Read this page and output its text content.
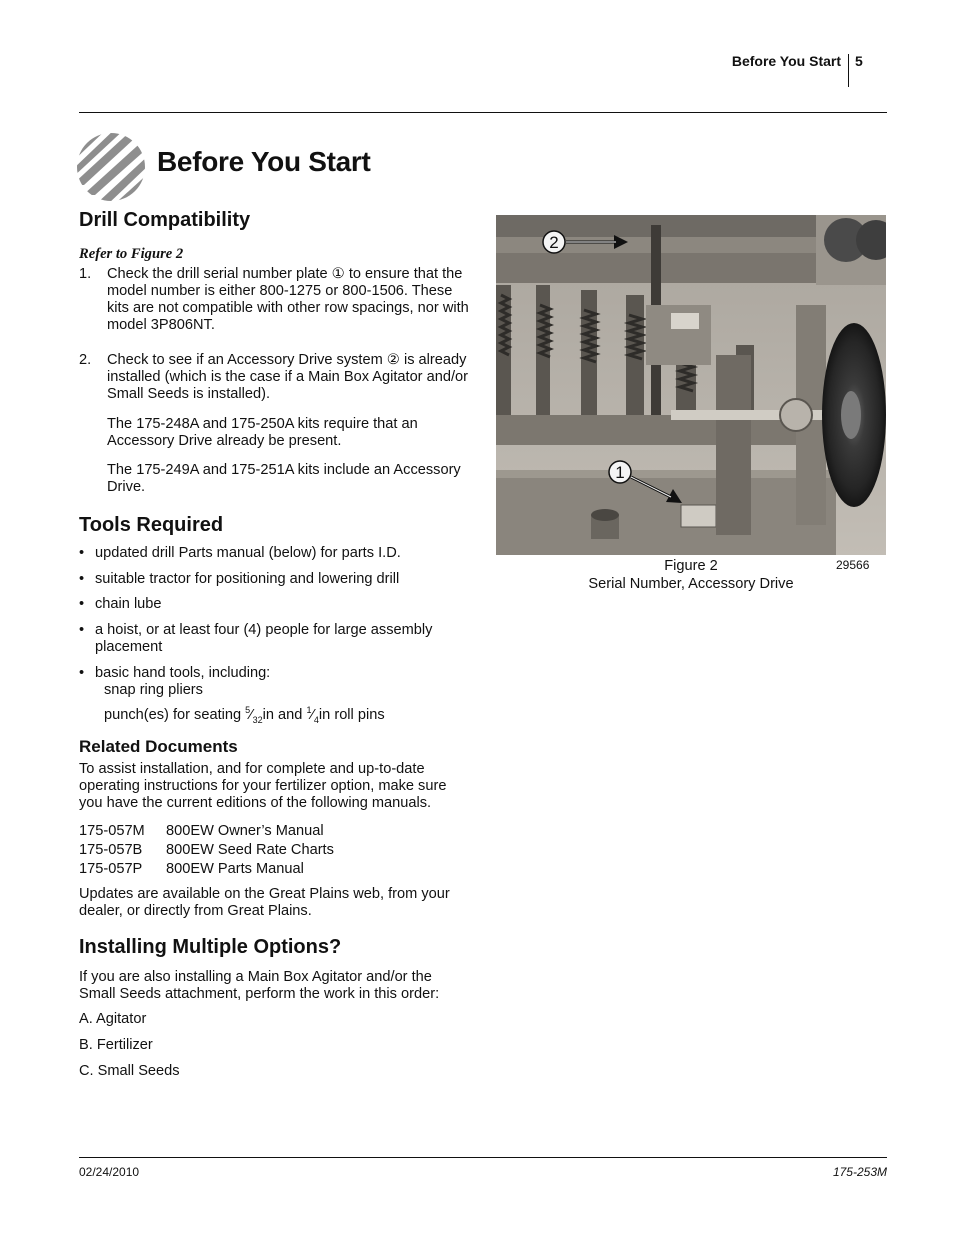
Before You Start 5
Before You Start
Drill Compatibility
Refer to Figure 2
1. Check the drill serial number plate ① to ensure that the model number is either 800-1275 or 800-1506. These kits are not compatible with other row spacings, nor with model 3P806NT.
2. Check to see if an Accessory Drive system ② is already installed (which is the case if a Main Box Agitator and/or Small Seeds is installed).
The 175-248A and 175-250A kits require that an Accessory Drive already be present.
The 175-249A and 175-251A kits include an Accessory Drive.
Tools Required
• updated drill Parts manual (below) for parts I.D.
• suitable tractor for positioning and lowering drill
• chain lube
• a hoist, or at least four (4) people for large assembly placement
• basic hand tools, including:
snap ring pliers
punch(es) for seating $^5⁄_{32}in$ and $^1⁄_4in$ roll pins
Related Documents

To assist installation, and for complete and up-to-date operating instructions for your fertilizer option, make sure you have the current editions of the following manuals.

175-057M 800EW Owner’s Manual
175-057B 800EW Seed Rate Charts
175-057P 800EW Parts Manual

Updates are available on the Great Plains web, from your dealer, or directly from Great Plains.

Installing Multiple Options?

If you are also installing a Main Box Agitator and/or the Small Seeds attachment, perform the work in this order:

A. Agitator

B. Fertilizer

C. Small Seeds

2
1
Figure 2
Serial Number, Accessory Drive
29566
02/24/2010	175-253M
